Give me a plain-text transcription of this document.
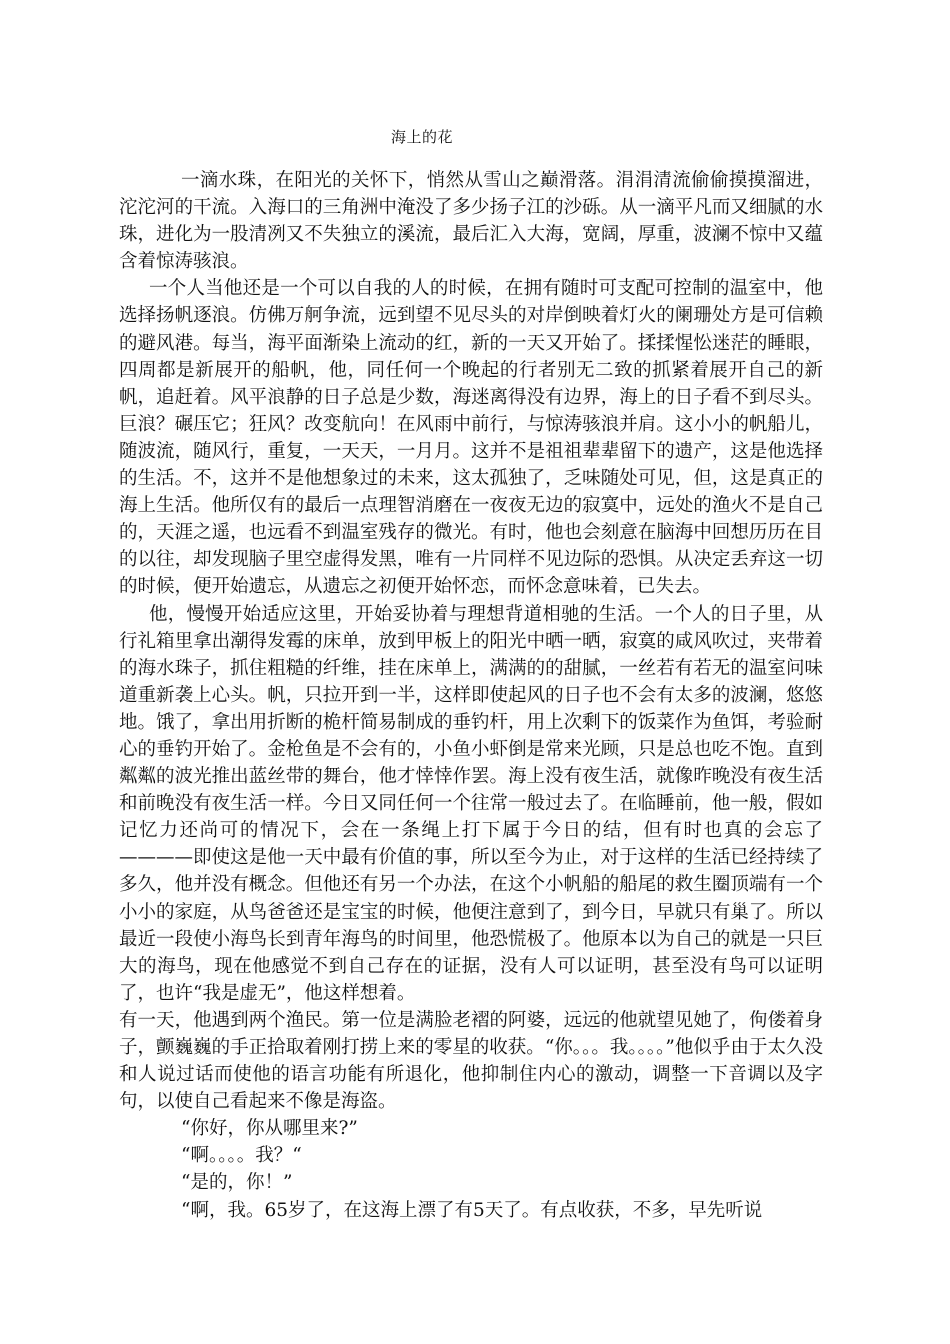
海上的花

一滴水珠，在阳光的关怀下，悄然从雪山之巅滑落。涓涓清流偷偷摸摸溜进，沱沱河的干流。入海口的三角洲中淹没了多少扬子江的沙砾。从一滴平凡而又细腻的水珠，进化为一股清冽又不失独立的溪流，最后汇入大海，宽阔，厚重，波澜不惊中又蕴含着惊涛骇浪。

一个人当他还是一个可以自我的人的时候，在拥有随时可支配可控制的温室中，他选择扬帆逐浪。仿佛万舸争流，远到望不见尽头的对岸倒映着灯火的阑珊处方是可信赖的避风港。每当，海平面渐染上流动的红，新的一天又开始了。揉揉惺忪迷茫的睡眼，四周都是新展开的船帆，他，同任何一个晚起的行者别无二致的抓紧着展开自己的新帆，追赶着。风平浪静的日子总是少数，海迷离得没有边界，海上的日子看不到尽头。巨浪？碾压它；狂风？改变航向！在风雨中前行，与惊涛骇浪并肩。这小小的帆船儿，随波流，随风行，重复，一天天，一月月。这并不是祖祖辈辈留下的遗产，这是他选择的生活。不，这并不是他想象过的未来，这太孤独了，乏味随处可见，但，这是真正的海上生活。他所仅有的最后一点理智消磨在一夜夜无边的寂寞中，远处的渔火不是自己的，天涯之遥，也远看不到温室残存的微光。有时，他也会刻意在脑海中回想历历在目的以往，却发现脑子里空虚得发黑，唯有一片同样不见边际的恐惧。从决定丢弃这一切的时候，便开始遗忘，从遗忘之初便开始怀恋，而怀念意味着，已失去。

他，慢慢开始适应这里，开始妥协着与理想背道相驰的生活。一个人的日子里，从行礼箱里拿出潮得发霉的床单，放到甲板上的阳光中晒一晒，寂寞的咸风吹过，夹带着的海水珠子，抓住粗糙的纤维，挂在床单上，满满的的甜腻，一丝若有若无的温室问味道重新袭上心头。帆，只拉开到一半，这样即使起风的日子也不会有太多的波澜，悠悠地。饿了，拿出用折断的桅杆简易制成的垂钓杆，用上次剩下的饭菜作为鱼饵，考验耐心的垂钓开始了。金枪鱼是不会有的，小鱼小虾倒是常来光顾，只是总也吃不饱。直到粼粼的波光推出蓝丝带的舞台，他才悻悻作罢。海上没有夜生活，就像昨晚没有夜生活和前晚没有夜生活一样。今日又同任何一个往常一般过去了。在临睡前，他一般，假如记忆力还尚可的情况下，会在一条绳上打下属于今日的结，但有时也真的会忘了————即使这是他一天中最有价值的事，所以至今为止，对于这样的生活已经持续了多久，他并没有概念。但他还有另一个办法，在这个小帆船的船尾的救生圈顶端有一个小小的家庭，从鸟爸爸还是宝宝的时候，他便注意到了，到今日，早就只有巢了。所以最近一段使小海鸟长到青年海鸟的时间里，他恐慌极了。他原本以为自己的就是一只巨大的海鸟，现在他感觉不到自己存在的证据，没有人可以证明，甚至没有鸟可以证明了，也许“我是虚无”，他这样想着。

有一天，他遇到两个渔民。第一位是满脸老褶的阿婆，远远的他就望见她了，佝偻着身子，颤巍巍的手正拾取着刚打捞上来的零星的收获。“你。。。我。。。。”他似乎由于太久没和人说过话而使他的语言功能有所退化，他抑制住内心的激动，调整一下音调以及字句，以使自己看起来不像是海盗。

“你好，你从哪里来?”

“啊。。。。我？“

“是的，你！”

“啊，我。65岁了，在这海上漂了有5天了。有点收获，不多，早先听说
